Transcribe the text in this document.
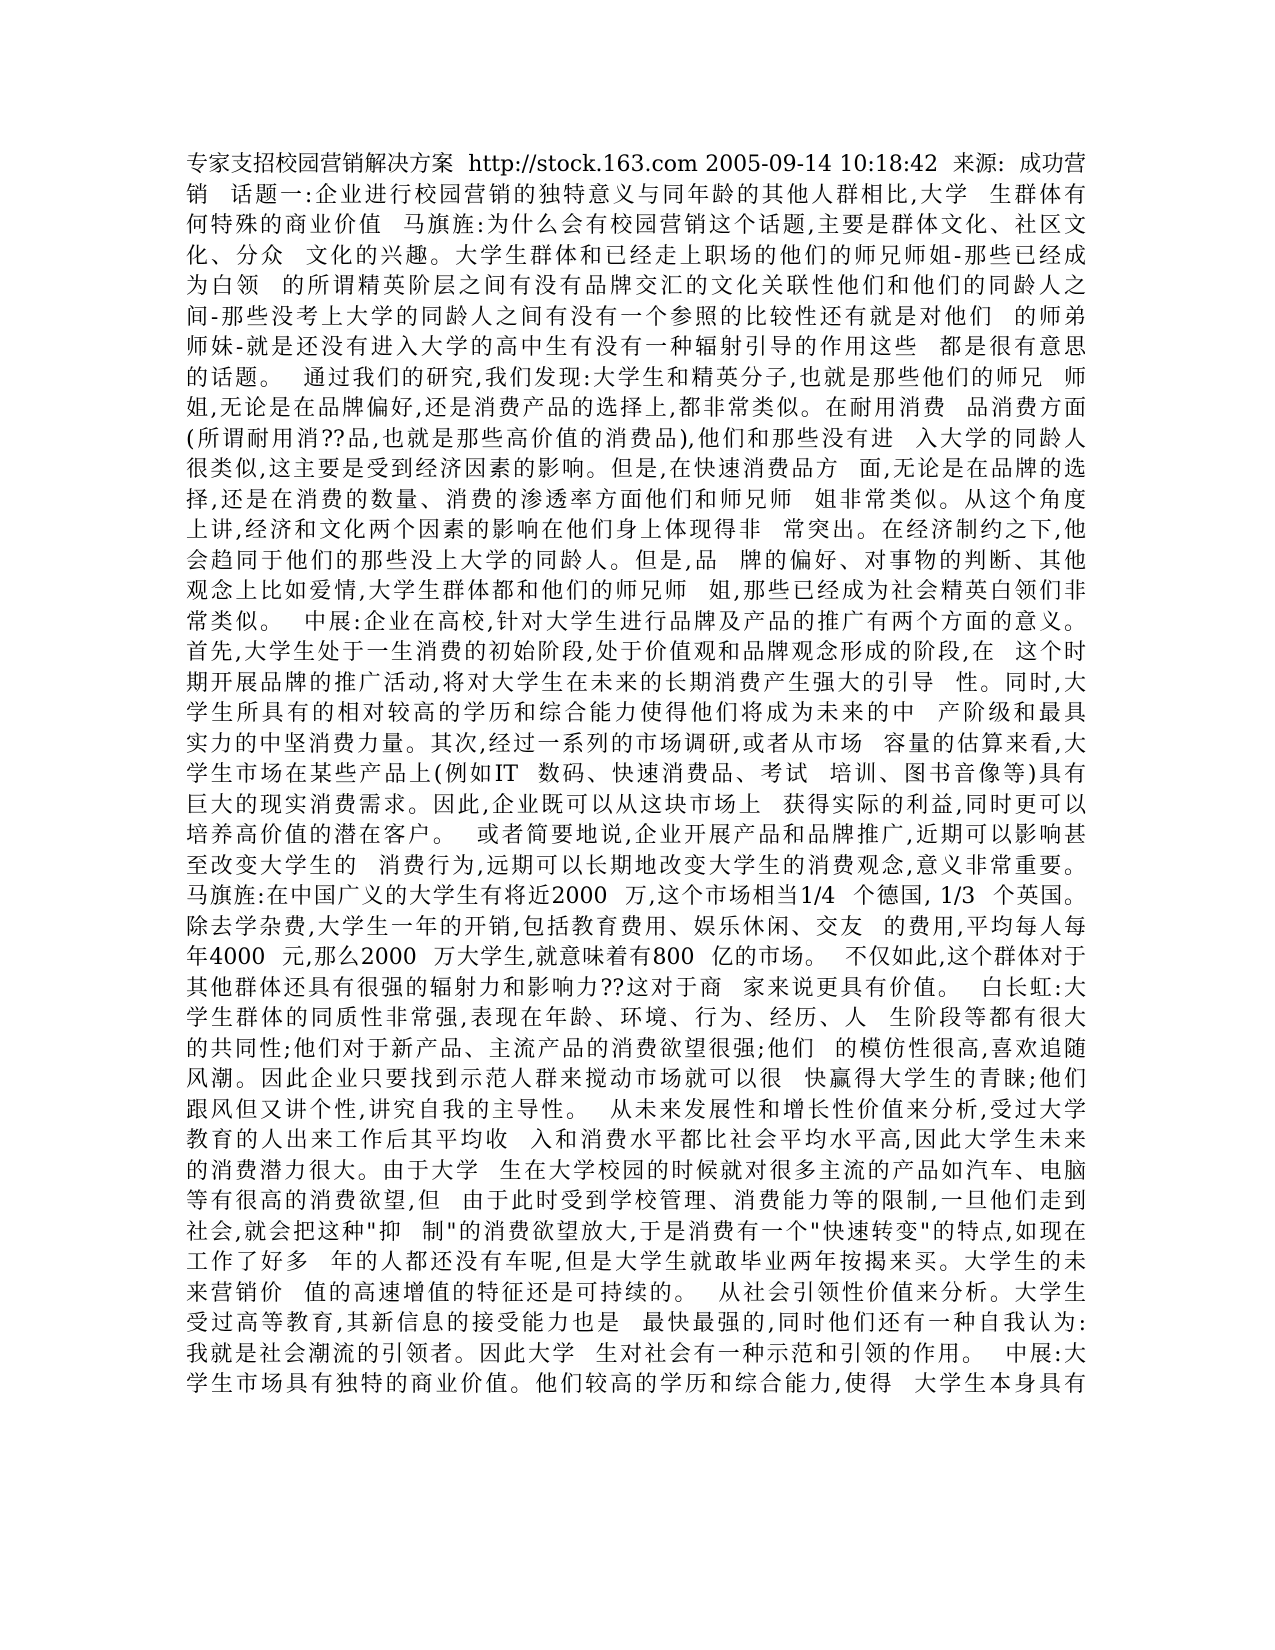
专家支招校园营销解决方案  http://stock.163.com 2005-09-14 10:18:42  来源:  成功营
销  话题一:企业进行校园营销的独特意义与同年龄的其他人群相比,大学  生群体有
何特殊的商业价值  马旗旌:为什么会有校园营销这个话题,主要是群体文化、社区文
化、分众  文化的兴趣。大学生群体和已经走上职场的他们的师兄师姐-那些已经成
为白领  的所谓精英阶层之间有没有品牌交汇的文化关联性他们和他们的同龄人之
间-那些没考上大学的同龄人之间有没有一个参照的比较性还有就是对他们  的师弟
师妹-就是还没有进入大学的高中生有没有一种辐射引导的作用这些  都是很有意思
的话题。  通过我们的研究,我们发现:大学生和精英分子,也就是那些他们的师兄  师
姐,无论是在品牌偏好,还是消费产品的选择上,都非常类似。在耐用消费  品消费方面
(所谓耐用消??品,也就是那些高价值的消费品),他们和那些没有进  入大学的同龄人
很类似,这主要是受到经济因素的影响。但是,在快速消费品方  面,无论是在品牌的选
择,还是在消费的数量、消费的渗透率方面他们和师兄师  姐非常类似。从这个角度
上讲,经济和文化两个因素的影响在他们身上体现得非  常突出。在经济制约之下,他
会趋同于他们的那些没上大学的同龄人。但是,品  牌的偏好、对事物的判断、其他
观念上比如爱情,大学生群体都和他们的师兄师  姐,那些已经成为社会精英白领们非
常类似。  中展:企业在高校,针对大学生进行品牌及产品的推广有两个方面的意义。
首先,大学生处于一生消费的初始阶段,处于价值观和品牌观念形成的阶段,在  这个时
期开展品牌的推广活动,将对大学生在未来的长期消费产生强大的引导  性。同时,大
学生所具有的相对较高的学历和综合能力使得他们将成为未来的中  产阶级和最具
实力的中坚消费力量。其次,经过一系列的市场调研,或者从市场  容量的估算来看,大
学生市场在某些产品上(例如IT  数码、快速消费品、考试  培训、图书音像等)具有
巨大的现实消费需求。因此,企业既可以从这块市场上  获得实际的利益,同时更可以
培养高价值的潜在客户。  或者简要地说,企业开展产品和品牌推广,近期可以影响甚
至改变大学生的  消费行为,远期可以长期地改变大学生的消费观念,意义非常重要。
马旗旌:在中国广义的大学生有将近2000  万,这个市场相当1/4  个德国, 1/3  个英国。
除去学杂费,大学生一年的开销,包括教育费用、娱乐休闲、交友  的费用,平均每人每
年4000  元,那么2000  万大学生,就意味着有800  亿的市场。  不仅如此,这个群体对于
其他群体还具有很强的辐射力和影响力??这对于商  家来说更具有价值。  白长虹:大
学生群体的同质性非常强,表现在年龄、环境、行为、经历、人  生阶段等都有很大
的共同性;他们对于新产品、主流产品的消费欲望很强;他们  的模仿性很高,喜欢追随
风潮。因此企业只要找到示范人群来搅动市场就可以很  快赢得大学生的青睐;他们
跟风但又讲个性,讲究自我的主导性。  从未来发展性和增长性价值来分析,受过大学
教育的人出来工作后其平均收  入和消费水平都比社会平均水平高,因此大学生未来
的消费潜力很大。由于大学  生在大学校园的时候就对很多主流的产品如汽车、电脑
等有很高的消费欲望,但  由于此时受到学校管理、消费能力等的限制,一旦他们走到
社会,就会把这种"抑  制"的消费欲望放大,于是消费有一个"快速转变"的特点,如现在
工作了好多  年的人都还没有车呢,但是大学生就敢毕业两年按揭来买。大学生的未
来营销价  值的高速增值的特征还是可持续的。  从社会引领性价值来分析。大学生
受过高等教育,其新信息的接受能力也是  最快最强的,同时他们还有一种自我认为:
我就是社会潮流的引领者。因此大学  生对社会有一种示范和引领的作用。  中展:大
学生市场具有独特的商业价值。他们较高的学历和综合能力,使得  大学生本身具有
